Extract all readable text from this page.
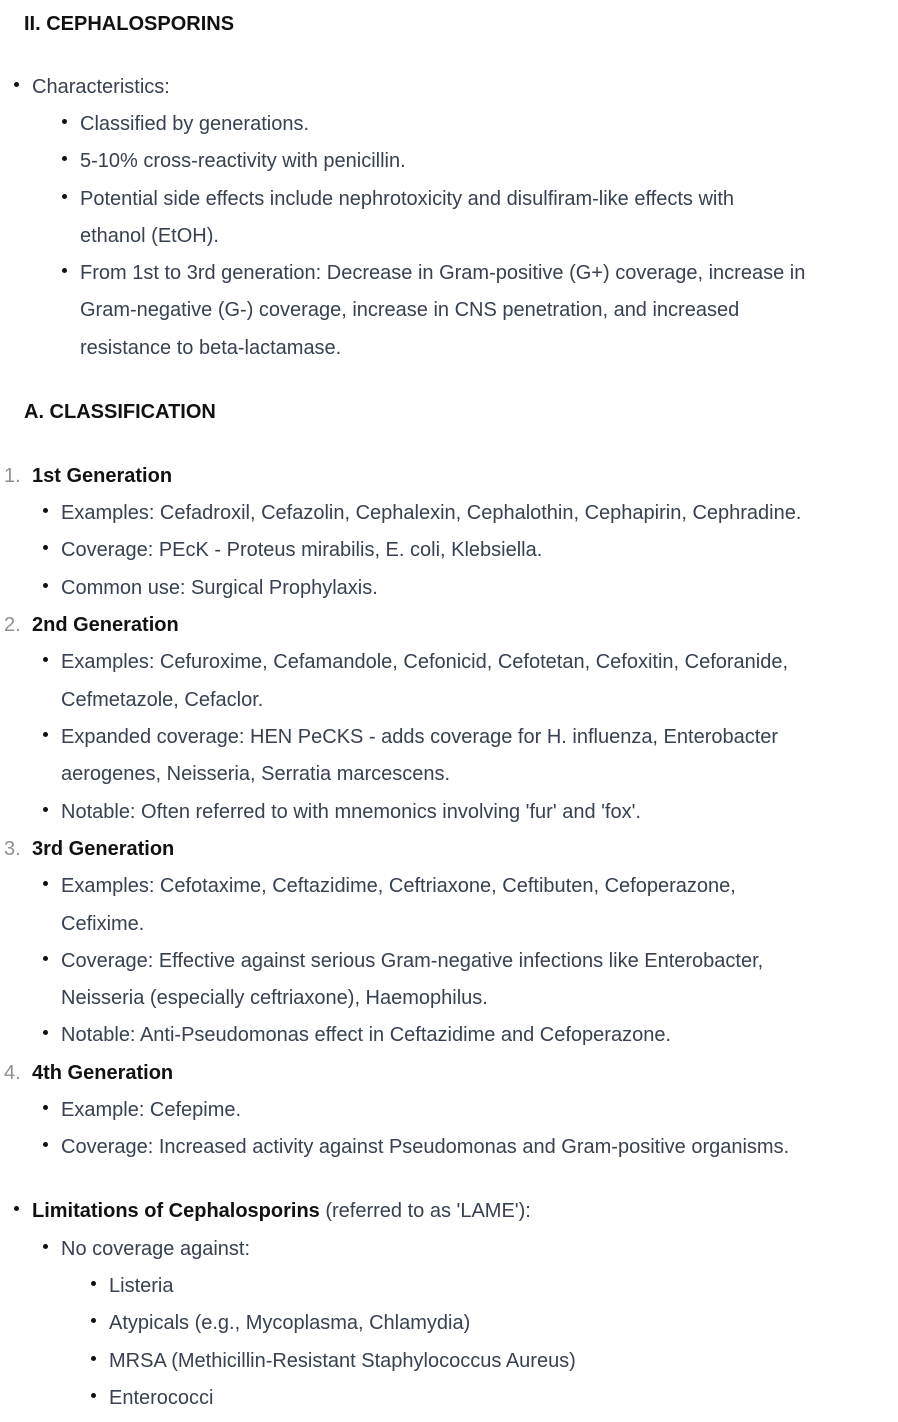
II. CEPHALOSPORINS
Characteristics:
Classified by generations.
5-10% cross-reactivity with penicillin.
Potential side effects include nephrotoxicity and disulfiram-like effects with
ethanol (EtOH).
From 1st to 3rd generation: Decrease in Gram-positive (G+) coverage, increase in
Gram-negative (G-) coverage, increase in CNS penetration, and increased
resistance to beta-lactamase.
A. CLASSIFICATION
1. 1st Generation
Examples: Cefadroxil, Cefazolin, Cephalexin, Cephalothin, Cephapirin, Cephradine.
Coverage: PEcK - Proteus mirabilis, E. coli, Klebsiella.
Common use: Surgical Prophylaxis.
2. 2nd Generation
Examples: Cefuroxime, Cefamandole, Cefonicid, Cefotetan, Cefoxitin, Ceforanide,
Cefmetazole, Cefaclor.
Expanded coverage: HEN PeCKS - adds coverage for H. influenza, Enterobacter
aerogenes, Neisseria, Serratia marcescens.
Notable: Often referred to with mnemonics involving 'fur' and 'fox'.
3. 3rd Generation
Examples: Cefotaxime, Ceftazidime, Ceftriaxone, Ceftibuten, Cefoperazone,
Cefixime.
Coverage: Effective against serious Gram-negative infections like Enterobacter,
Neisseria (especially ceftriaxone), Haemophilus.
Notable: Anti-Pseudomonas effect in Ceftazidime and Cefoperazone.
4. 4th Generation
Example: Cefepime.
Coverage: Increased activity against Pseudomonas and Gram-positive organisms.
Limitations of Cephalosporins (referred to as 'LAME'):
No coverage against:
Listeria
Atypicals (e.g., Mycoplasma, Chlamydia)
MRSA (Methicillin-Resistant Staphylococcus Aureus)
Enterococci
